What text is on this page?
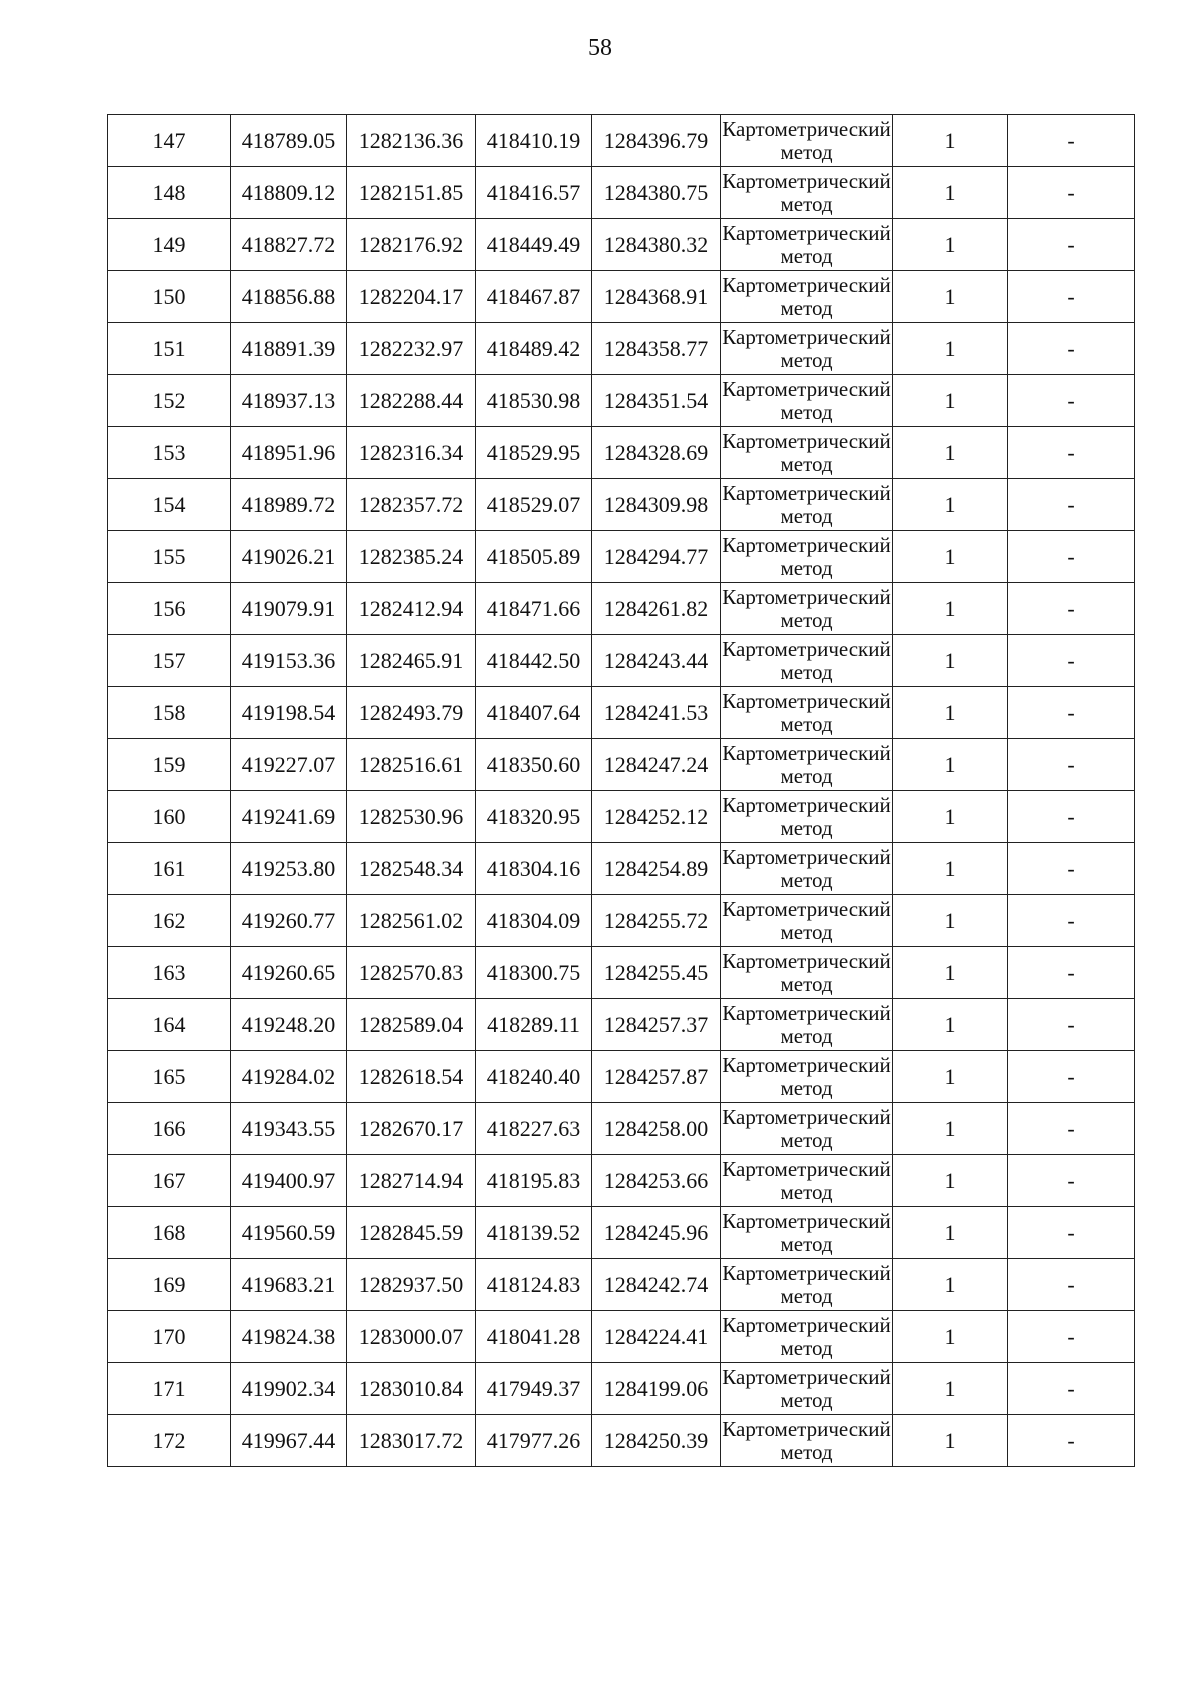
58
147	418789.05	1282136.36	418410.19	1284396.79	Картометрический метод	1	-
148	418809.12	1282151.85	418416.57	1284380.75	Картометрический метод	1	-
149	418827.72	1282176.92	418449.49	1284380.32	Картометрический метод	1	-
150	418856.88	1282204.17	418467.87	1284368.91	Картометрический метод	1	-
151	418891.39	1282232.97	418489.42	1284358.77	Картометрический метод	1	-
152	418937.13	1282288.44	418530.98	1284351.54	Картометрический метод	1	-
153	418951.96	1282316.34	418529.95	1284328.69	Картометрический метод	1	-
154	418989.72	1282357.72	418529.07	1284309.98	Картометрический метод	1	-
155	419026.21	1282385.24	418505.89	1284294.77	Картометрический метод	1	-
156	419079.91	1282412.94	418471.66	1284261.82	Картометрический метод	1	-
157	419153.36	1282465.91	418442.50	1284243.44	Картометрический метод	1	-
158	419198.54	1282493.79	418407.64	1284241.53	Картометрический метод	1	-
159	419227.07	1282516.61	418350.60	1284247.24	Картометрический метод	1	-
160	419241.69	1282530.96	418320.95	1284252.12	Картометрический метод	1	-
161	419253.80	1282548.34	418304.16	1284254.89	Картометрический метод	1	-
162	419260.77	1282561.02	418304.09	1284255.72	Картометрический метод	1	-
163	419260.65	1282570.83	418300.75	1284255.45	Картометрический метод	1	-
164	419248.20	1282589.04	418289.11	1284257.37	Картометрический метод	1	-
165	419284.02	1282618.54	418240.40	1284257.87	Картометрический метод	1	-
166	419343.55	1282670.17	418227.63	1284258.00	Картометрический метод	1	-
167	419400.97	1282714.94	418195.83	1284253.66	Картометрический метод	1	-
168	419560.59	1282845.59	418139.52	1284245.96	Картометрический метод	1	-
169	419683.21	1282937.50	418124.83	1284242.74	Картометрический метод	1	-
170	419824.38	1283000.07	418041.28	1284224.41	Картометрический метод	1	-
171	419902.34	1283010.84	417949.37	1284199.06	Картометрический метод	1	-
172	419967.44	1283017.72	417977.26	1284250.39	Картометрический метод	1	-
